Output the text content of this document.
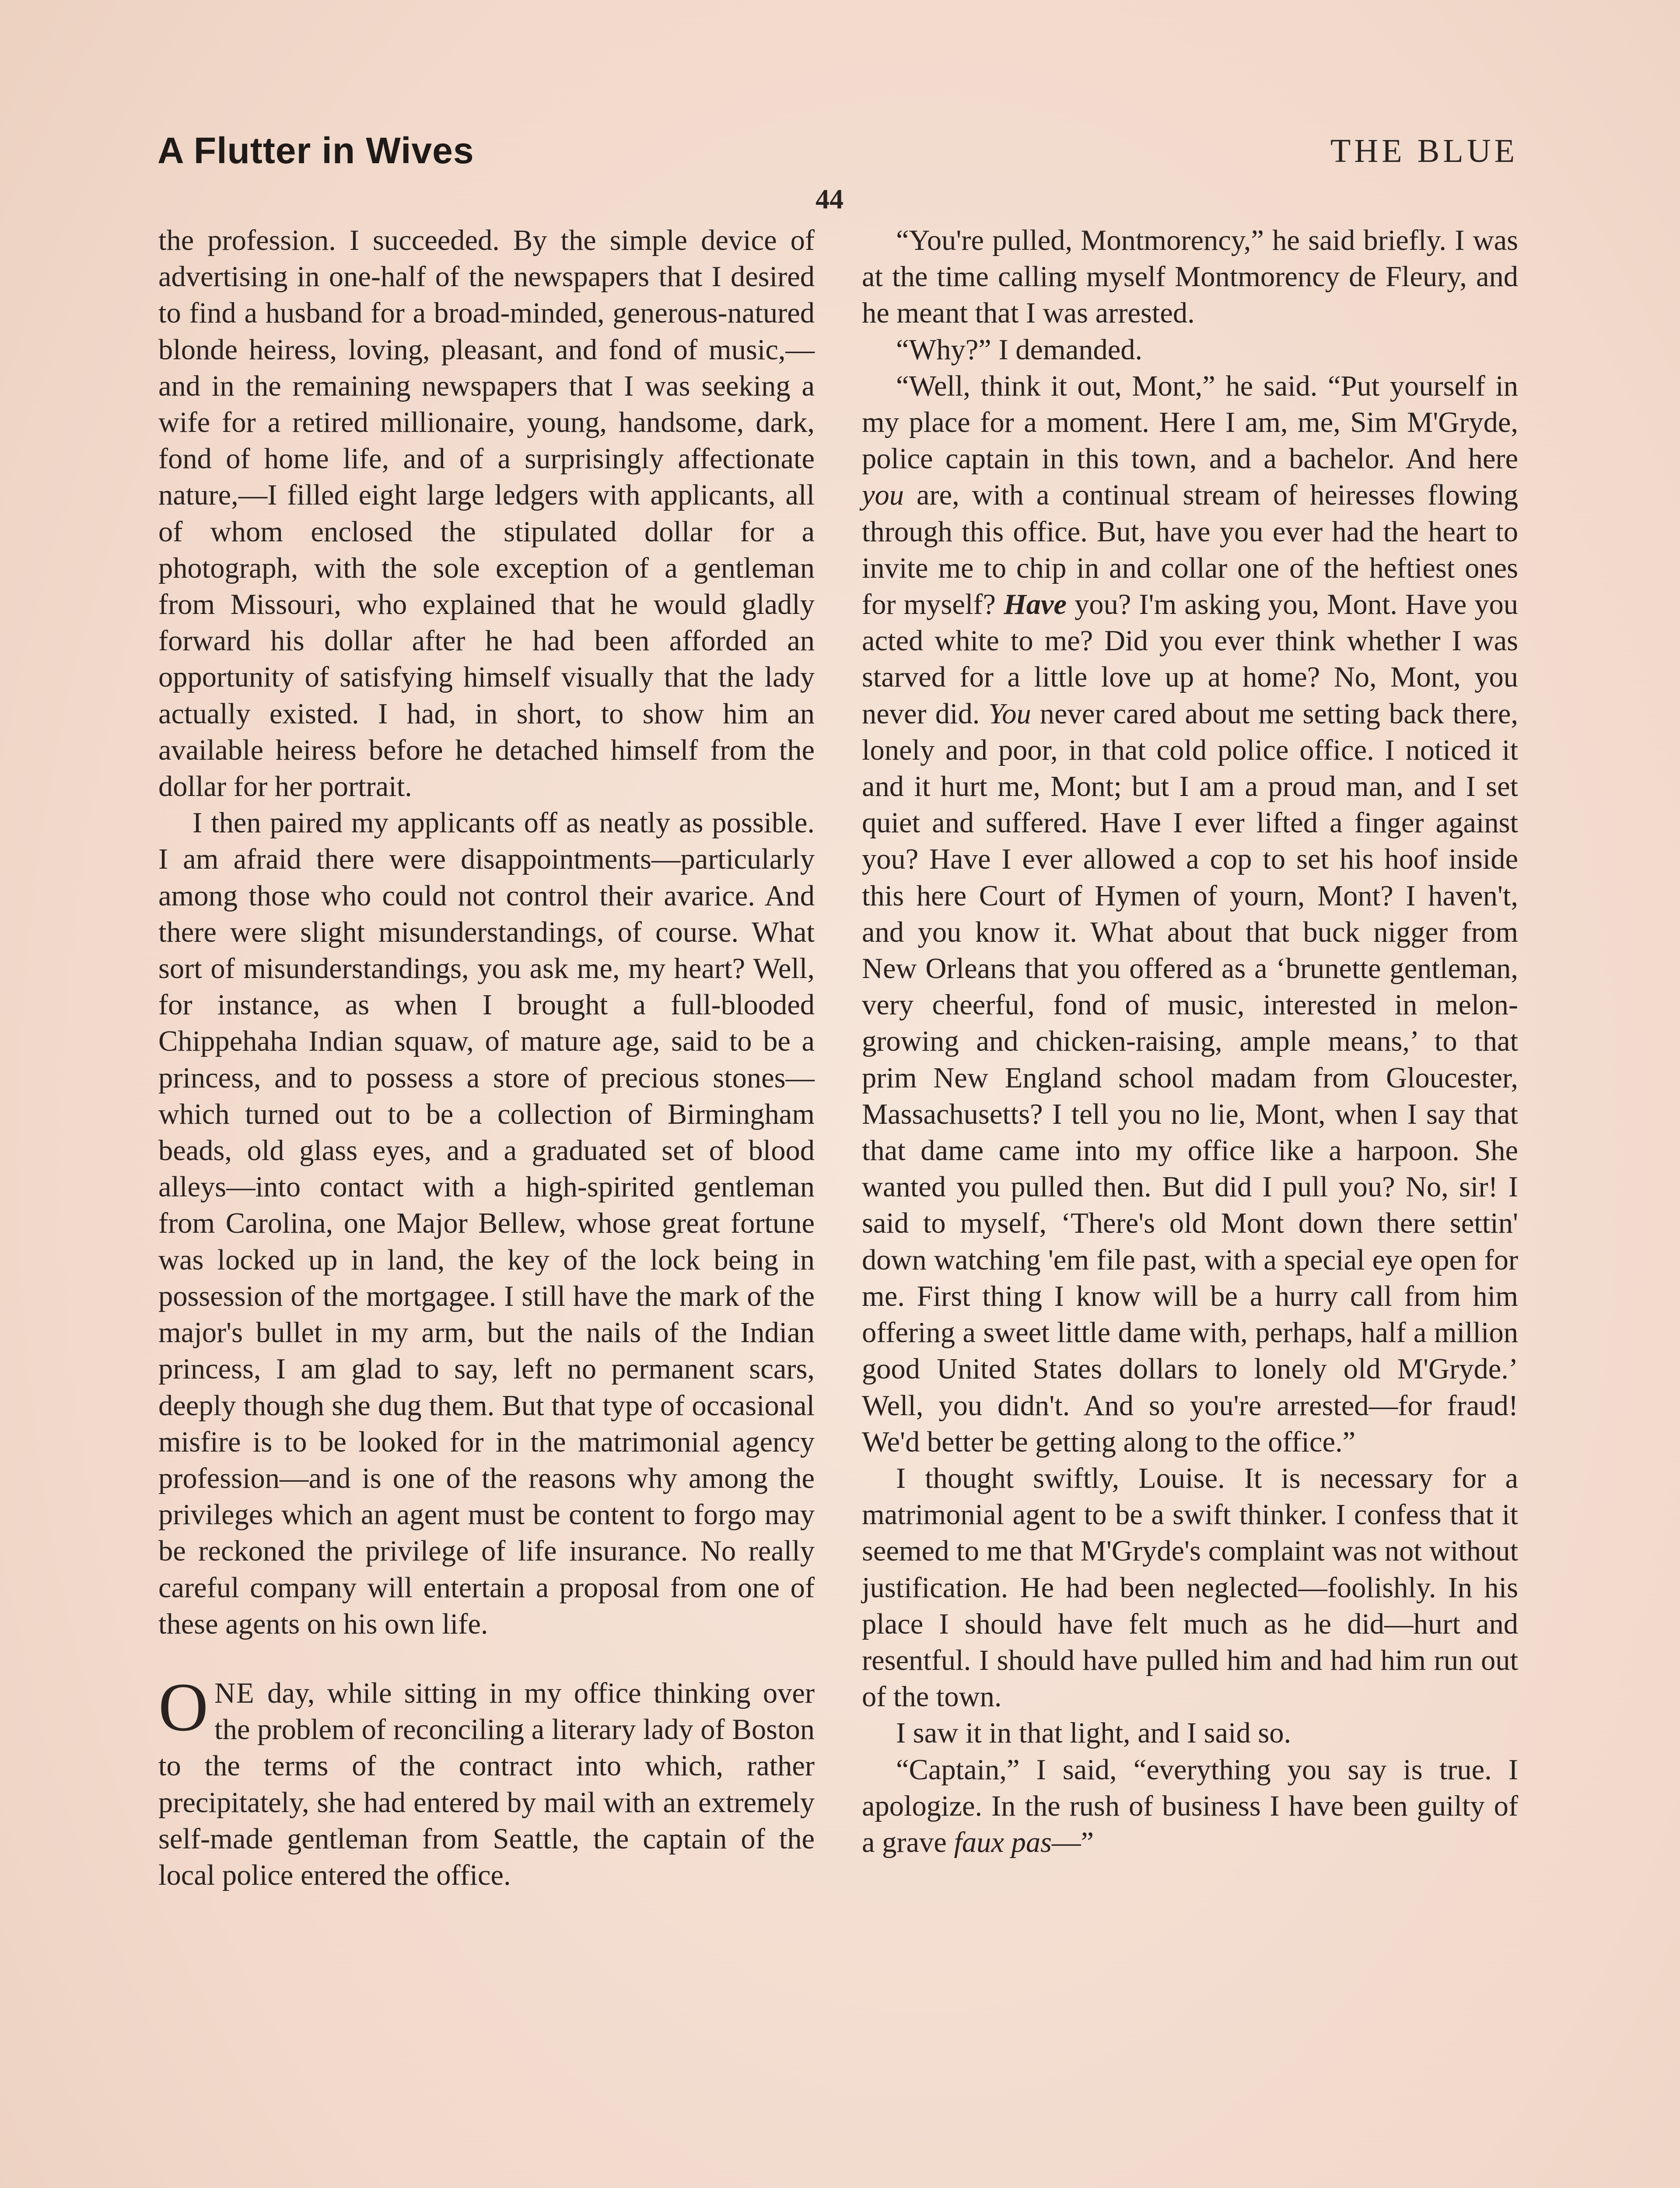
A Flutter in Wives	THE BLUE
44

the profession. I succeeded. By the simple device of advertising in one-half of the newspapers that I desired to find a husband for a broad-minded, generous-natured blonde heiress, loving, pleasant, and fond of music,—and in the remaining newspapers that I was seeking a wife for a retired millionaire, young, handsome, dark, fond of home life, and of a surprisingly affectionate nature,—I filled eight large ledgers with applicants, all of whom enclosed the stipulated dollar for a photograph, with the sole exception of a gentleman from Missouri, who explained that he would gladly forward his dollar after he had been afforded an opportunity of satisfying himself visually that the lady actually existed. I had, in short, to show him an available heiress before he detached himself from the dollar for her portrait.

I then paired my applicants off as neatly as possible. I am afraid there were disappointments—particularly among those who could not control their avarice. And there were slight misunderstandings, of course. What sort of misunderstandings, you ask me, my heart? Well, for instance, as when I brought a full-blooded Chippehaha Indian squaw, of mature age, said to be a princess, and to possess a store of precious stones—which turned out to be a collection of Birmingham beads, old glass eyes, and a graduated set of blood alleys—into contact with a high-spirited gentleman from Carolina, one Major Bellew, whose great fortune was locked up in land, the key of the lock being in possession of the mortgagee. I still have the mark of the major's bullet in my arm, but the nails of the Indian princess, I am glad to say, left no permanent scars, deeply though she dug them. But that type of occasional misfire is to be looked for in the matrimonial agency profession—and is one of the reasons why among the privileges which an agent must be content to forgo may be reckoned the privilege of life insurance. No really careful company will entertain a proposal from one of these agents on his own life.

ONE day, while sitting in my office thinking over the problem of reconciling a literary lady of Boston to the terms of the contract into which, rather precipitately, she had entered by mail with an extremely self-made gentleman from Seattle, the captain of the local police entered the office.

“You're pulled, Montmorency,” he said briefly. I was at the time calling myself Montmorency de Fleury, and he meant that I was arrested.

“Why?” I demanded.

“Well, think it out, Mont,” he said. “Put yourself in my place for a moment. Here I am, me, Sim M'Gryde, police captain in this town, and a bachelor. And here you are, with a continual stream of heiresses flowing through this office. But, have you ever had the heart to invite me to chip in and collar one of the heftiest ones for myself? Have you? I'm asking you, Mont. Have you acted white to me? Did you ever think whether I was starved for a little love up at home? No, Mont, you never did. You never cared about me setting back there, lonely and poor, in that cold police office. I noticed it and it hurt me, Mont; but I am a proud man, and I set quiet and suffered. Have I ever lifted a finger against you? Have I ever allowed a cop to set his hoof inside this here Court of Hymen of yourn, Mont? I haven't, and you know it. What about that buck nigger from New Orleans that you offered as a ‘brunette gentleman, very cheerful, fond of music, interested in melon-growing and chicken-raising, ample means,’ to that prim New England school madam from Gloucester, Massachusetts? I tell you no lie, Mont, when I say that that dame came into my office like a harpoon. She wanted you pulled then. But did I pull you? No, sir! I said to myself, ‘There's old Mont down there settin' down watching 'em file past, with a special eye open for me. First thing I know will be a hurry call from him offering a sweet little dame with, perhaps, half a million good United States dollars to lonely old M'Gryde.’ Well, you didn't. And so you're arrested—for fraud! We'd better be getting along to the office.”

I thought swiftly, Louise. It is necessary for a matrimonial agent to be a swift thinker. I confess that it seemed to me that M'Gryde's complaint was not without justification. He had been neglected—foolishly. In his place I should have felt much as he did—hurt and resentful. I should have pulled him and had him run out of the town.

I saw it in that light, and I said so.

“Captain,” I said, “everything you say is true. I apologize. In the rush of business I have been guilty of a grave faux pas—”
